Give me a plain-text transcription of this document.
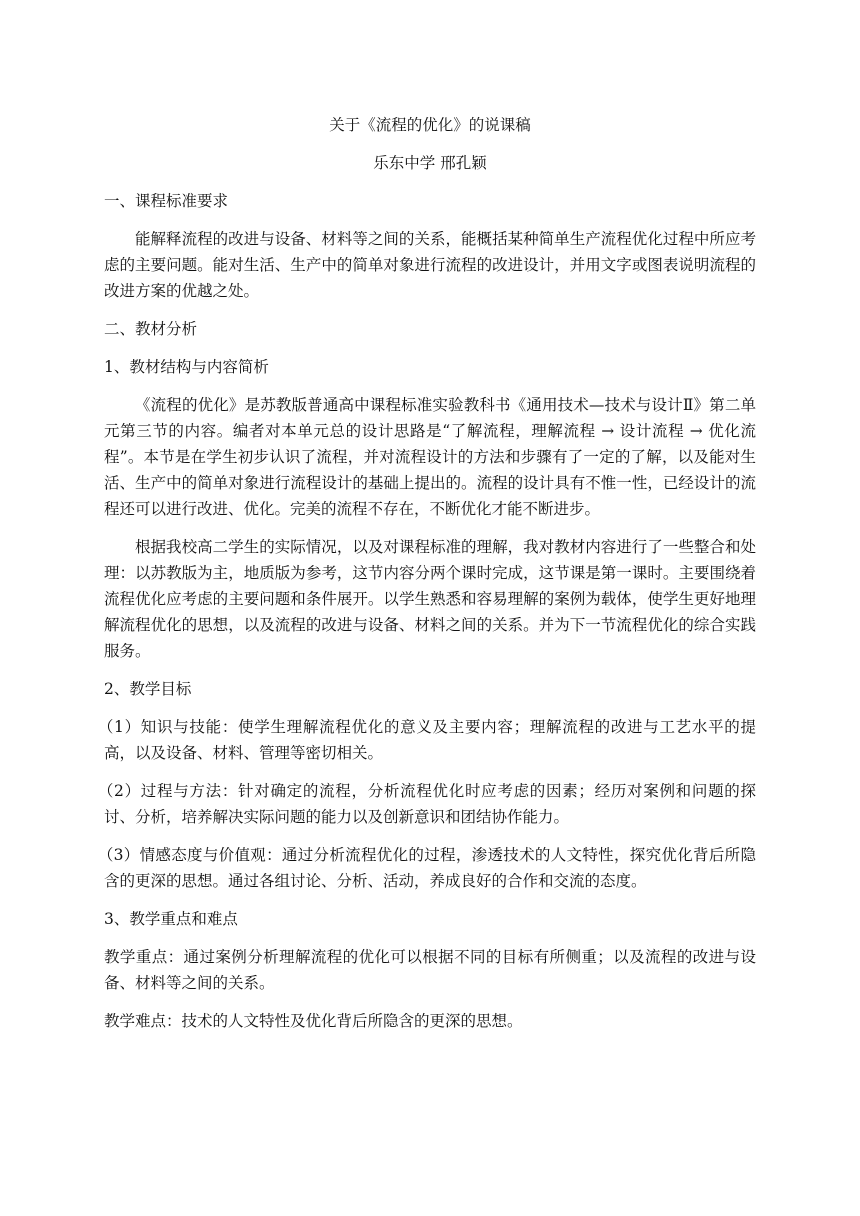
关于《流程的优化》的说课稿
乐东中学 邢孔颖
一、课程标准要求
能解释流程的改进与设备、材料等之间的关系，能概括某种简单生产流程优化过程中所应考虑的主要问题。能对生活、生产中的简单对象进行流程的改进设计，并用文字或图表说明流程的改进方案的优越之处。
二、教材分析
1、教材结构与内容简析
《流程的优化》是苏教版普通高中课程标准实验教科书《通用技术—技术与设计Ⅱ》第二单元第三节的内容。编者对本单元总的设计思路是“了解流程，理解流程 → 设计流程 → 优化流程”。本节是在学生初步认识了流程，并对流程设计的方法和步骤有了一定的了解，以及能对生活、生产中的简单对象进行流程设计的基础上提出的。流程的设计具有不惟一性，已经设计的流程还可以进行改进、优化。完美的流程不存在，不断优化才能不断进步。
根据我校高二学生的实际情况，以及对课程标准的理解，我对教材内容进行了一些整合和处理：以苏教版为主，地质版为参考，这节内容分两个课时完成，这节课是第一课时。主要围绕着流程优化应考虑的主要问题和条件展开。以学生熟悉和容易理解的案例为载体，使学生更好地理解流程优化的思想，以及流程的改进与设备、材料之间的关系。并为下一节流程优化的综合实践服务。
2、教学目标
（1）知识与技能：使学生理解流程优化的意义及主要内容；理解流程的改进与工艺水平的提高，以及设备、材料、管理等密切相关。
（2）过程与方法：针对确定的流程，分析流程优化时应考虑的因素；经历对案例和问题的探讨、分析，培养解决实际问题的能力以及创新意识和团结协作能力。
（3）情感态度与价值观：通过分析流程优化的过程，渗透技术的人文特性，探究优化背后所隐含的更深的思想。通过各组讨论、分析、活动，养成良好的合作和交流的态度。
3、教学重点和难点
教学重点：通过案例分析理解流程的优化可以根据不同的目标有所侧重；以及流程的改进与设备、材料等之间的关系。
教学难点：技术的人文特性及优化背后所隐含的更深的思想。
